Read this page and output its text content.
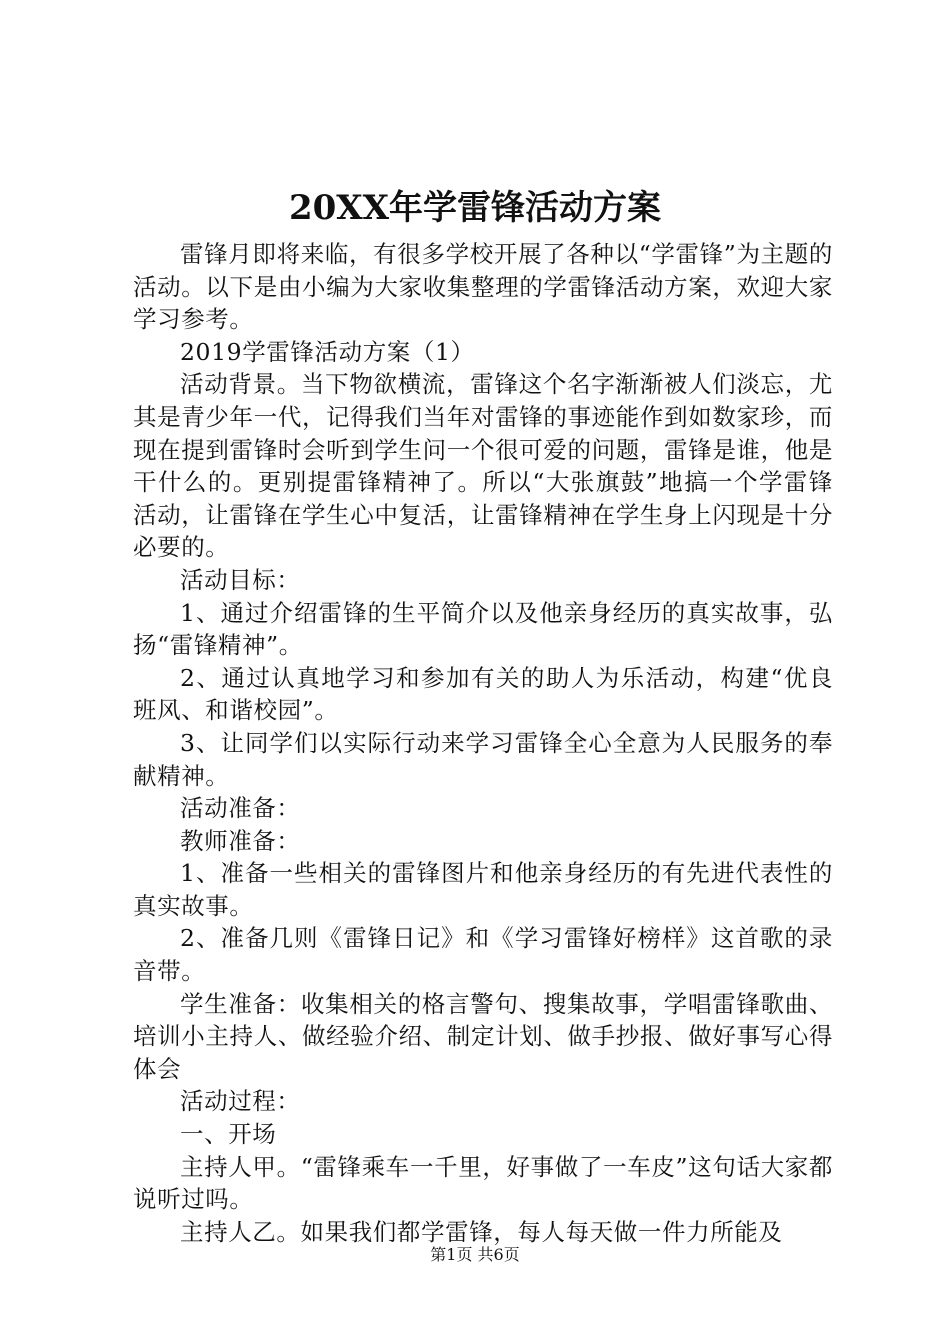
20XX年学雷锋活动方案

雷锋月即将来临，有很多学校开展了各种以“学雷锋”为主题的活动。以下是由小编为大家收集整理的学雷锋活动方案，欢迎大家学习参考。

2019学雷锋活动方案（1）

活动背景。当下物欲横流，雷锋这个名字渐渐被人们淡忘，尤其是青少年一代，记得我们当年对雷锋的事迹能作到如数家珍，而现在提到雷锋时会听到学生问一个很可爱的问题，雷锋是谁，他是干什么的。更别提雷锋精神了。所以“大张旗鼓”地搞一个学雷锋活动，让雷锋在学生心中复活，让雷锋精神在学生身上闪现是十分必要的。

活动目标：

1、通过介绍雷锋的生平简介以及他亲身经历的真实故事，弘扬“雷锋精神”。

2、通过认真地学习和参加有关的助人为乐活动，构建“优良班风、和谐校园”。

3、让同学们以实际行动来学习雷锋全心全意为人民服务的奉献精神。

活动准备：

教师准备：

1、准备一些相关的雷锋图片和他亲身经历的有先进代表性的真实故事。

2、准备几则《雷锋日记》和《学习雷锋好榜样》这首歌的录音带。

学生准备：收集相关的格言警句、搜集故事，学唱雷锋歌曲、培训小主持人、做经验介绍、制定计划、做手抄报、做好事写心得体会

活动过程：

一、开场

主持人甲。“雷锋乘车一千里，好事做了一车皮”这句话大家都说听过吗。

主持人乙。如果我们都学雷锋，每人每天做一件力所能及

第1页 共6页
